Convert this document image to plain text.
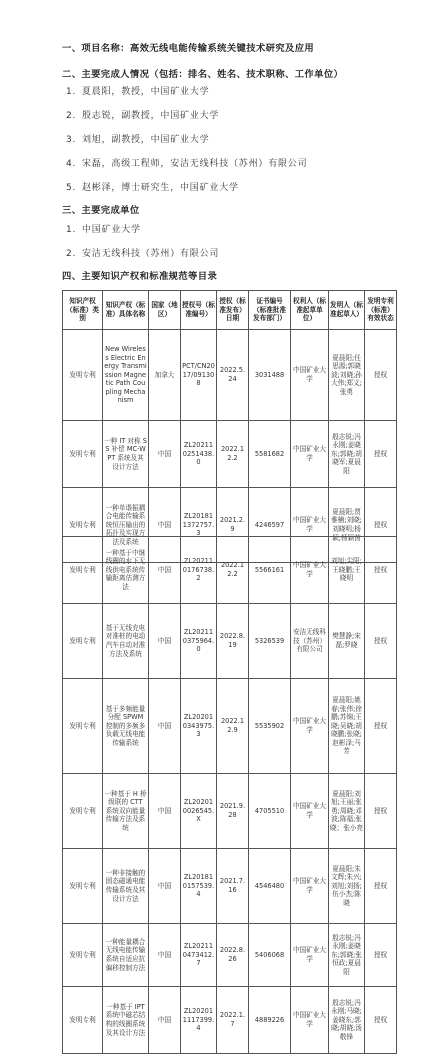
一、项目名称：高效无线电能传输系统关键技术研究及应用
二、主要完成人情况（包括：排名、姓名、技术职称、工作单位）
1. 夏晨阳，教授，中国矿业大学
2. 殷志锐，副教授，中国矿业大学
3. 刘旭，副教授，中国矿业大学
4. 宋磊，高级工程师，安洁无线科技（苏州）有限公司
5. 赵彬泽，博士研究生，中国矿业大学
三、主要完成单位
1. 中国矿业大学
2. 安洁无线科技（苏州）有限公司
四、主要知识产权和标准规范等目录
知识产权（标准）类别	知识产权（标准）具体名称	国家（地区）	授权号（标准编号）	授权（标准发布）日期	证书编号（标准批准发布部门）	权利人（标准起草单位）	发明人（标准起草人）	发明专利（标准）有效状态
发明专利	New Wireless Electric Energy Transmission Magnetic Path Coupling Mechanism	加拿大	PCT/CN2017/091308	2022.5.24	3031488	中国矿业大学	夏晨阳;任思源;郭晓波;刘晓;孙大伟;郑义;张勇	授权
发明专利	一种 IT 对称 SS 补偿 MC-WPT 系统及其设计方法	中国	ZL202110251438.0	2022.12.2	5581682	中国矿业大学	殷志锐;冯永刚;姜晓东;郭晓;胡晓军;夏晨阳	授权
发明专利	一种单谐振耦合电能传输系统恒压输出的拓扑及实现方法及系统	中国	ZL201811372757.3	2021.2.9	4246597	中国矿业大学	夏晨阳;贾雅楠;刘晓;刘晓明;杨颖;杨颖茵	授权
发明专利	一种基于中继线圈的水下无线供电系统传输距离估测方法	中国	ZL202110176738.2	2022.12.2	5566161	中国矿业大学	刘旭;尖阳;王晓鹏;王晓明	授权
发明专利	基于无线充电对准桩的电动汽车自动对准方法及系统	中国	ZL202110375964.0	2022.8.19	5326539	安洁无线科技（苏州）有限公司	樊慧静;宋磊;罗晓	授权
发明专利	基于多频能量分配 SPWM 控制的多频多负载无线电能传输系统	中国	ZL202010343975.3	2022.12.9	5535902	中国矿业大学	夏晨阳;姚春;张伟;徐鹏;苏锦;王晓;吴晓;胡晓鹏;张晓;赵彬泽;马芳	授权
发明专利	一种基于 H 桥级联的 CTT 系统双向能量传输方法及系统	中国	ZL202010026545.X	2021.9.28	4705510	中国矿业大学	夏晨阳;刘旭;王丽;张勇;周晓;邓波;陈福;张晓；张小亮	授权
发明专利	一种非接触的固态磁通电能传输系统及其设计方法	中国	ZL201810157539.4	2021.7.16	4546480	中国矿业大学	夏晨阳;朱文辉;朱兴;刘旭;刘扬;伍小杰;陈晓	授权
发明专利	一种能量耦合无线电能传输系统自适应抗偏移控制方法	中国	ZL202110473412.7	2022.8.26	5406068	中国矿业大学	殷志锐;冯永刚;姜晓东;郭晓;张恒政;夏晨阳	授权
发明专利	一种基于 IPT 系统中磁芯结构的线圈系统及其设计方法	中国	ZL202011117399.4	2022.1.7	4889226	中国矿业大学	殷志锐;冯永刚;马晓;姜晓东;郭晓;胡晓;汤敬锋	授权
